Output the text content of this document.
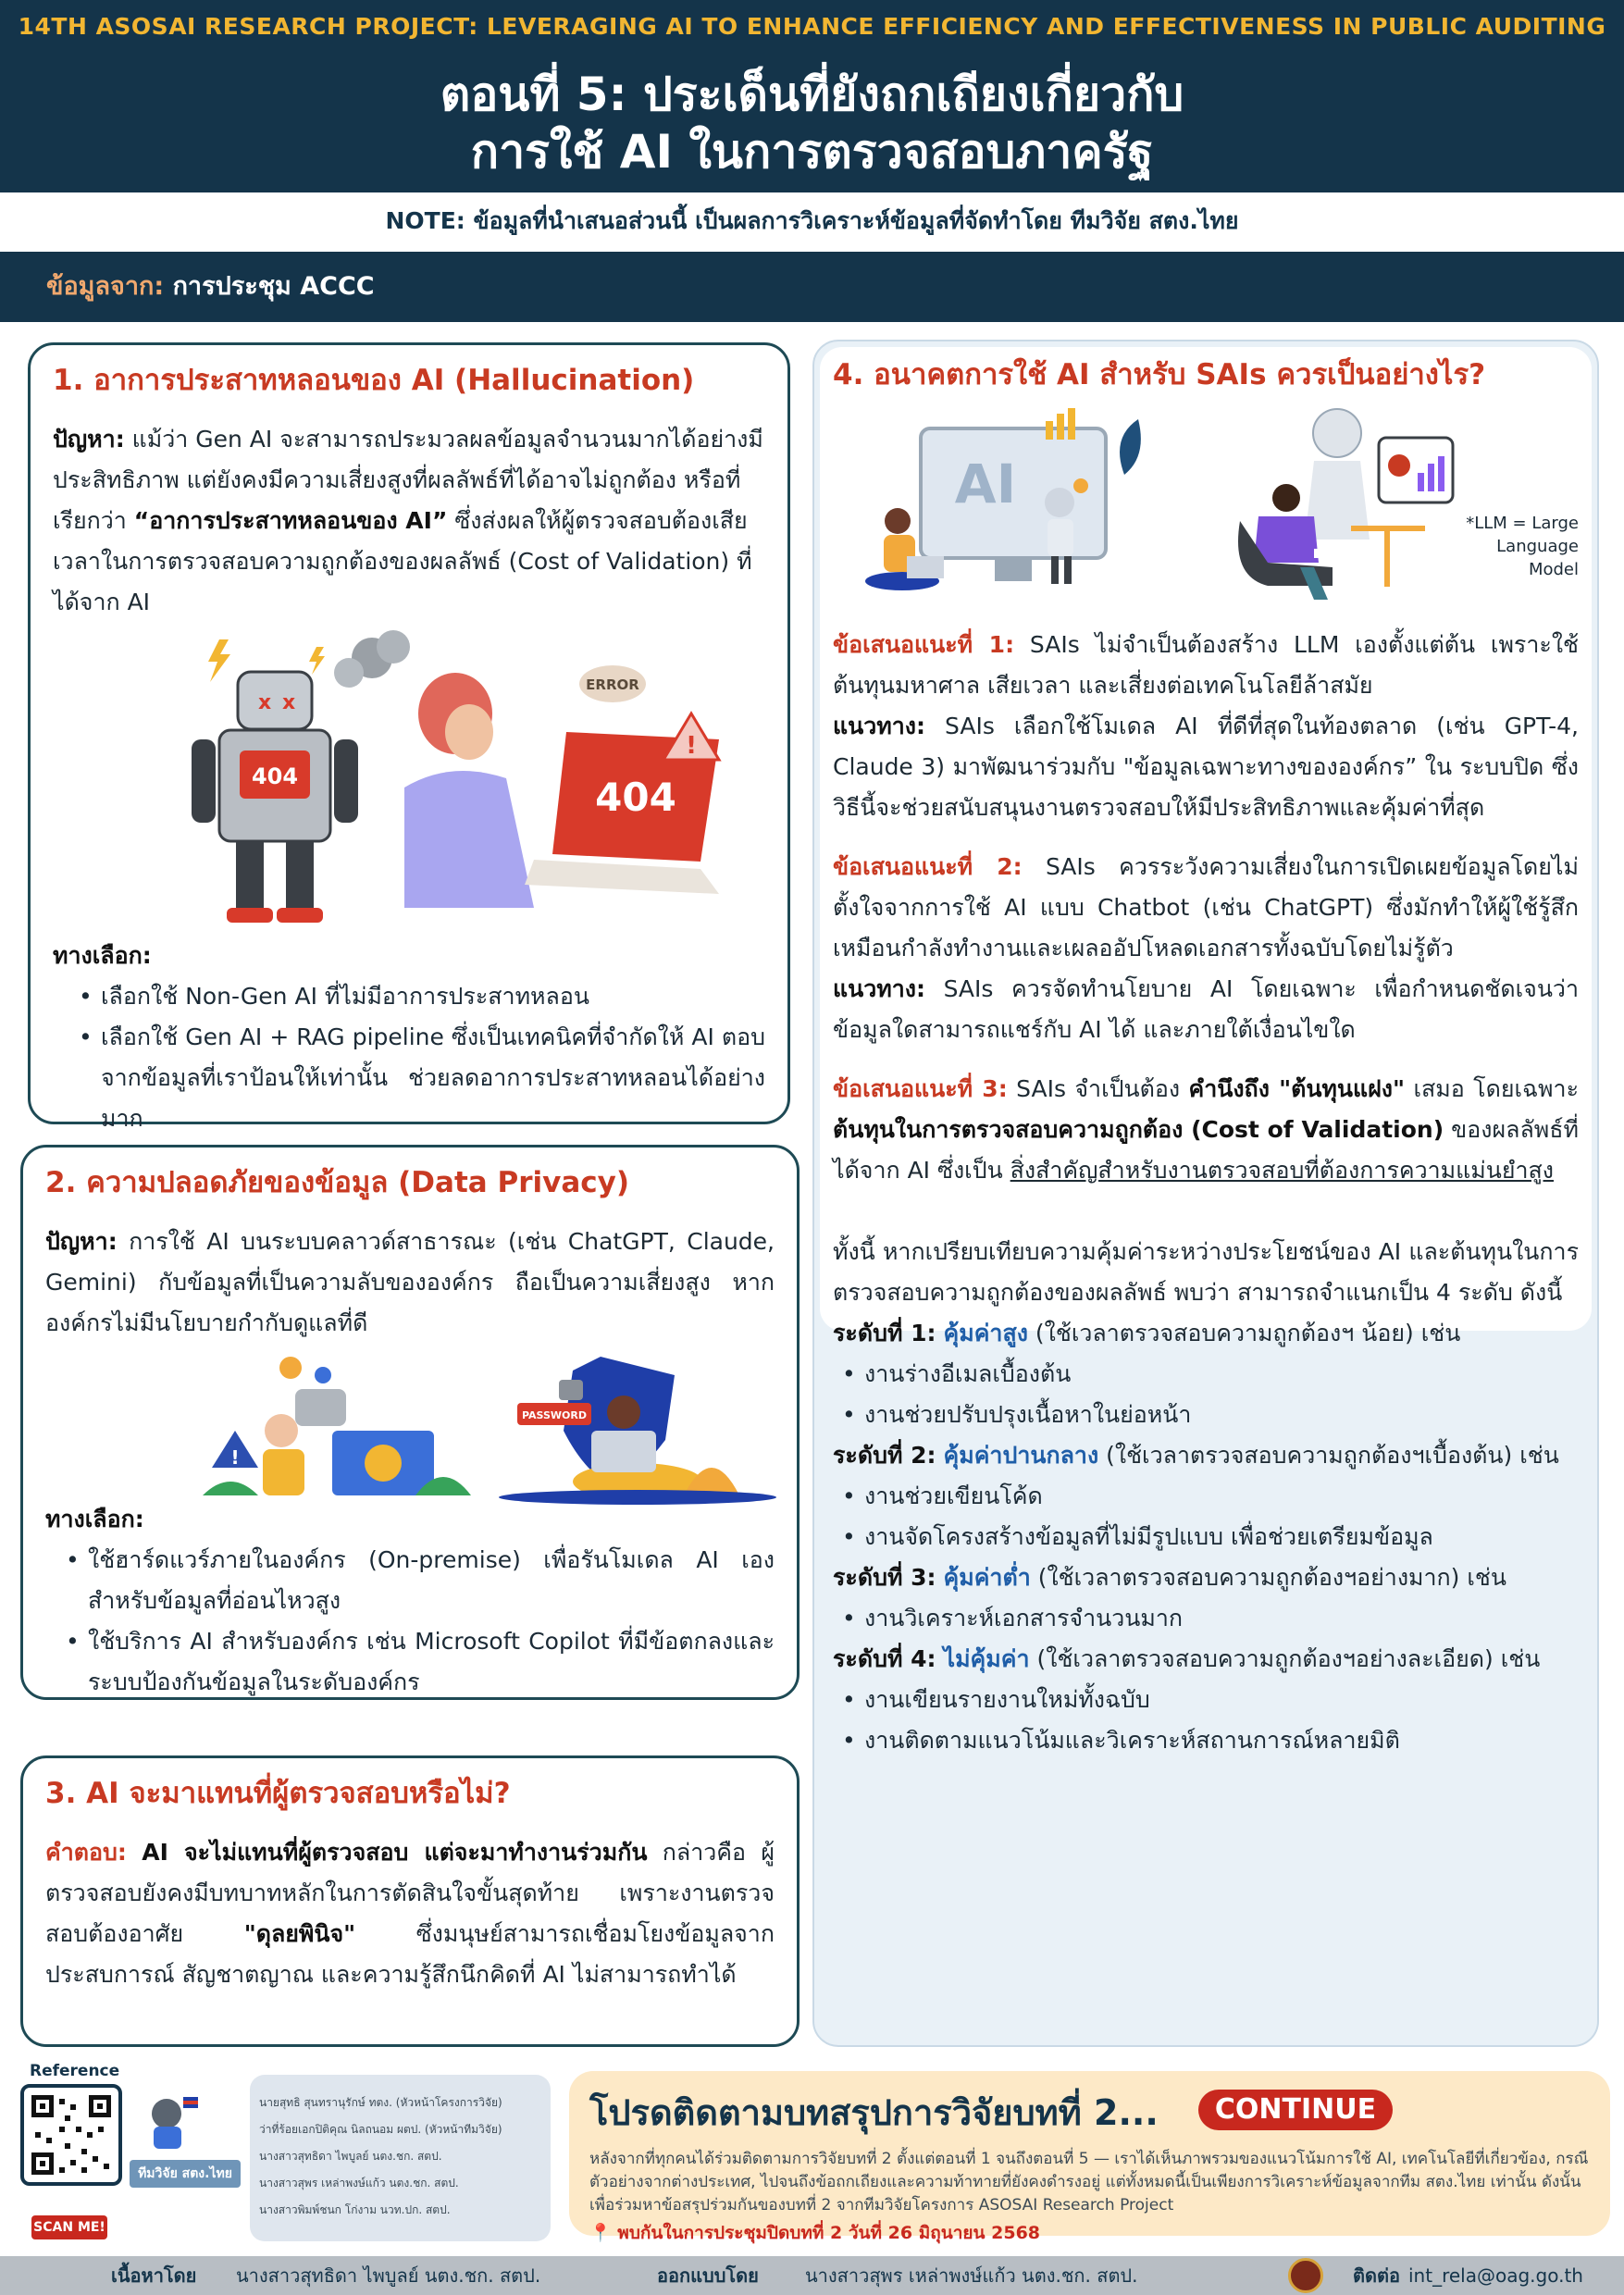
14TH ASOSAI RESEARCH PROJECT: LEVERAGING AI TO ENHANCE EFFICIENCY AND EFFECTIVENESS IN PUBLIC AUDITING
ตอนที่ 5: ประเด็นที่ยังถกเถียงเกี่ยวกับ
การใช้ AI ในการตรวจสอบภาครัฐ
NOTE: ข้อมูลที่นำเสนอส่วนนี้ เป็นผลการวิเคราะห์ข้อมูลที่จัดทำโดย ทีมวิจัย สตง.ไทย
ข้อมูลจาก: การประชุม ACCC
1. อาการประสาทหลอนของ AI (Hallucination)

ปัญหา: แม้ว่า Gen AI จะสามารถประมวลผลข้อมูลจำนวนมากได้อย่างมีประสิทธิภาพ แต่ยังคงมีความเสี่ยงสูงที่ผลลัพธ์ที่ได้อาจไม่ถูกต้อง หรือที่เรียกว่า “อาการประสาทหลอนของ AI” ซึ่งส่งผลให้ผู้ตรวจสอบต้องเสียเวลาในการตรวจสอบความถูกต้องของผลลัพธ์ (Cost of Validation) ที่ได้จาก AI

x x
404
ERROR
404
!
ทางเลือก:
• เลือกใช้ Non-Gen AI ที่ไม่มีอาการประสาทหลอน
• เลือกใช้ Gen AI + RAG pipeline ซึ่งเป็นเทคนิคที่จำกัดให้ AI ตอบจากข้อมูลที่เราป้อนให้เท่านั้น ช่วยลดอาการประสาทหลอนได้อย่างมาก
2. ความปลอดภัยของข้อมูล (Data Privacy)

ปัญหา: การใช้ AI บนระบบคลาวด์สาธารณะ (เช่น ChatGPT, Claude, Gemini) กับข้อมูลที่เป็นความลับขององค์กร ถือเป็นความเสี่ยงสูง หากองค์กรไม่มีนโยบายกำกับดูแลที่ดี

!
PASSWORD
ทางเลือก:
• ใช้ฮาร์ดแวร์ภายในองค์กร (On-premise) เพื่อรันโมเดล AI เอง สำหรับข้อมูลที่อ่อนไหวสูง
• ใช้บริการ AI สำหรับองค์กร เช่น Microsoft Copilot ที่มีข้อตกลงและระบบป้องกันข้อมูลในระดับองค์กร
3. AI จะมาแทนที่ผู้ตรวจสอบหรือไม่?

คำตอบ: AI จะไม่แทนที่ผู้ตรวจสอบ แต่จะมาทำงานร่วมกัน กล่าวคือ ผู้ตรวจสอบยังคงมีบทบาทหลักในการตัดสินใจขั้นสุดท้าย เพราะงานตรวจสอบต้องอาศัย	"ดุลยพินิจ"	ซึ่งมนุษย์สามารถเชื่อมโยงข้อมูลจากประสบการณ์ สัญชาตญาณ และความรู้สึกนึกคิดที่ AI ไม่สามารถทำได้

4. อนาคตการใช้ AI สำหรับ SAIs ควรเป็นอย่างไร?
AI
*LLM = Large Language Model

ข้อเสนอแนะที่ 1: SAIs ไม่จำเป็นต้องสร้าง LLM เองตั้งแต่ต้น เพราะใช้ต้นทุนมหาศาล เสียเวลา และเสี่ยงต่อเทคโนโลยีล้าสมัย

แนวทาง: SAIs เลือกใช้โมเดล AI ที่ดีที่สุดในท้องตลาด (เช่น GPT-4, Claude 3) มาพัฒนาร่วมกับ "ข้อมูลเฉพาะทางขององค์กร” ใน ระบบปิด ซึ่งวิธีนี้จะช่วยสนับสนุนงานตรวจสอบให้มีประสิทธิภาพและคุ้มค่าที่สุด

ข้อเสนอแนะที่ 2: SAIs ควรระวังความเสี่ยงในการเปิดเผยข้อมูลโดยไม่ตั้งใจจากการใช้ AI แบบ Chatbot (เช่น ChatGPT) ซึ่งมักทำให้ผู้ใช้รู้สึกเหมือนกำลังทำงานและเผลออัปโหลดเอกสารทั้งฉบับโดยไม่รู้ตัว

แนวทาง: SAIs ควรจัดทำนโยบาย AI โดยเฉพาะ เพื่อกำหนดชัดเจนว่าข้อมูลใดสามารถแชร์กับ AI ได้ และภายใต้เงื่อนไขใด

ข้อเสนอแนะที่ 3: SAIs จำเป็นต้อง คำนึงถึง "ต้นทุนแฝง" เสมอ โดยเฉพาะ ต้นทุนในการตรวจสอบความถูกต้อง (Cost of Validation) ของผลลัพธ์ที่ได้จาก AI ซึ่งเป็น สิ่งสำคัญสำหรับงานตรวจสอบที่ต้องการความแม่นยำสูง

ทั้งนี้ หากเปรียบเทียบความคุ้มค่าระหว่างประโยชน์ของ AI และต้นทุนในการตรวจสอบความถูกต้องของผลลัพธ์ พบว่า สามารถจำแนกเป็น 4 ระดับ ดังนี้

ระดับที่ 1: คุ้มค่าสูง (ใช้เวลาตรวจสอบความถูกต้องฯ น้อย) เช่น

• งานร่างอีเมลเบื้องต้น
• งานช่วยปรับปรุงเนื้อหาในย่อหน้า

ระดับที่ 2: คุ้มค่าปานกลาง (ใช้เวลาตรวจสอบความถูกต้องฯเบื้องต้น) เช่น

• งานช่วยเขียนโค้ด
• งานจัดโครงสร้างข้อมูลที่ไม่มีรูปแบบ เพื่อช่วยเตรียมข้อมูล

ระดับที่ 3: คุ้มค่าต่ำ (ใช้เวลาตรวจสอบความถูกต้องฯอย่างมาก) เช่น

• งานวิเคราะห์เอกสารจำนวนมาก

ระดับที่ 4: ไม่คุ้มค่า (ใช้เวลาตรวจสอบความถูกต้องฯอย่างละเอียด) เช่น

• งานเขียนรายงานใหม่ทั้งฉบับ
• งานติดตามแนวโน้มและวิเคราะห์สถานการณ์หลายมิติ
Reference
SCAN ME!
ทีมวิจัย สตง.ไทย
นายสุทธิ สุนทรานุรักษ์ ทตง. (หัวหน้าโครงการวิจัย)
ว่าที่ร้อยเอกปิติคุณ นิลถนอม ผตป. (หัวหน้าทีมวิจัย)
นางสาวสุทธิดา ไพบูลย์ นตง.ชก. สตป.
นางสาวสุพร เหล่าพงษ์แก้ว นตง.ชก. สตป.
นางสาวพิมพ์ชนก โก่งาม นวท.ปก. สตป.
โปรดติดตามบทสรุปการวิจัยบทที่ 2...	CONTINUE
หลังจากที่ทุกคนได้ร่วมติดตามการวิจัยบทที่ 2 ตั้งแต่ตอนที่ 1 จนถึงตอนที่ 5 — เราได้เห็นภาพรวมของแนวโน้มการใช้ AI, เทคโนโลยีที่เกี่ยวข้อง, กรณีตัวอย่างจากต่างประเทศ, ไปจนถึงข้อถกเถียงและความท้าทายที่ยังคงดำรงอยู่ แต่ทั้งหมดนี้เป็นเพียงการวิเคราะห์ข้อมูลจากทีม สตง.ไทย เท่านั้น ดังนั้น เพื่อร่วมหาข้อสรุปร่วมกันของบทที่ 2 จากทีมวิจัยโครงการ ASOSAI Research Project
📍 พบกันในการประชุมปิดบทที่ 2 วันที่ 26 มิถุนายน 2568
เนื้อหาโดย นางสาวสุทธิดา ไพบูลย์ นตง.ชก. สตป.	ออกแบบโดย	นางสาวสุพร เหล่าพงษ์แก้ว นตง.ชก. สตป.	ติดต่อ int_rela@oag.go.th
